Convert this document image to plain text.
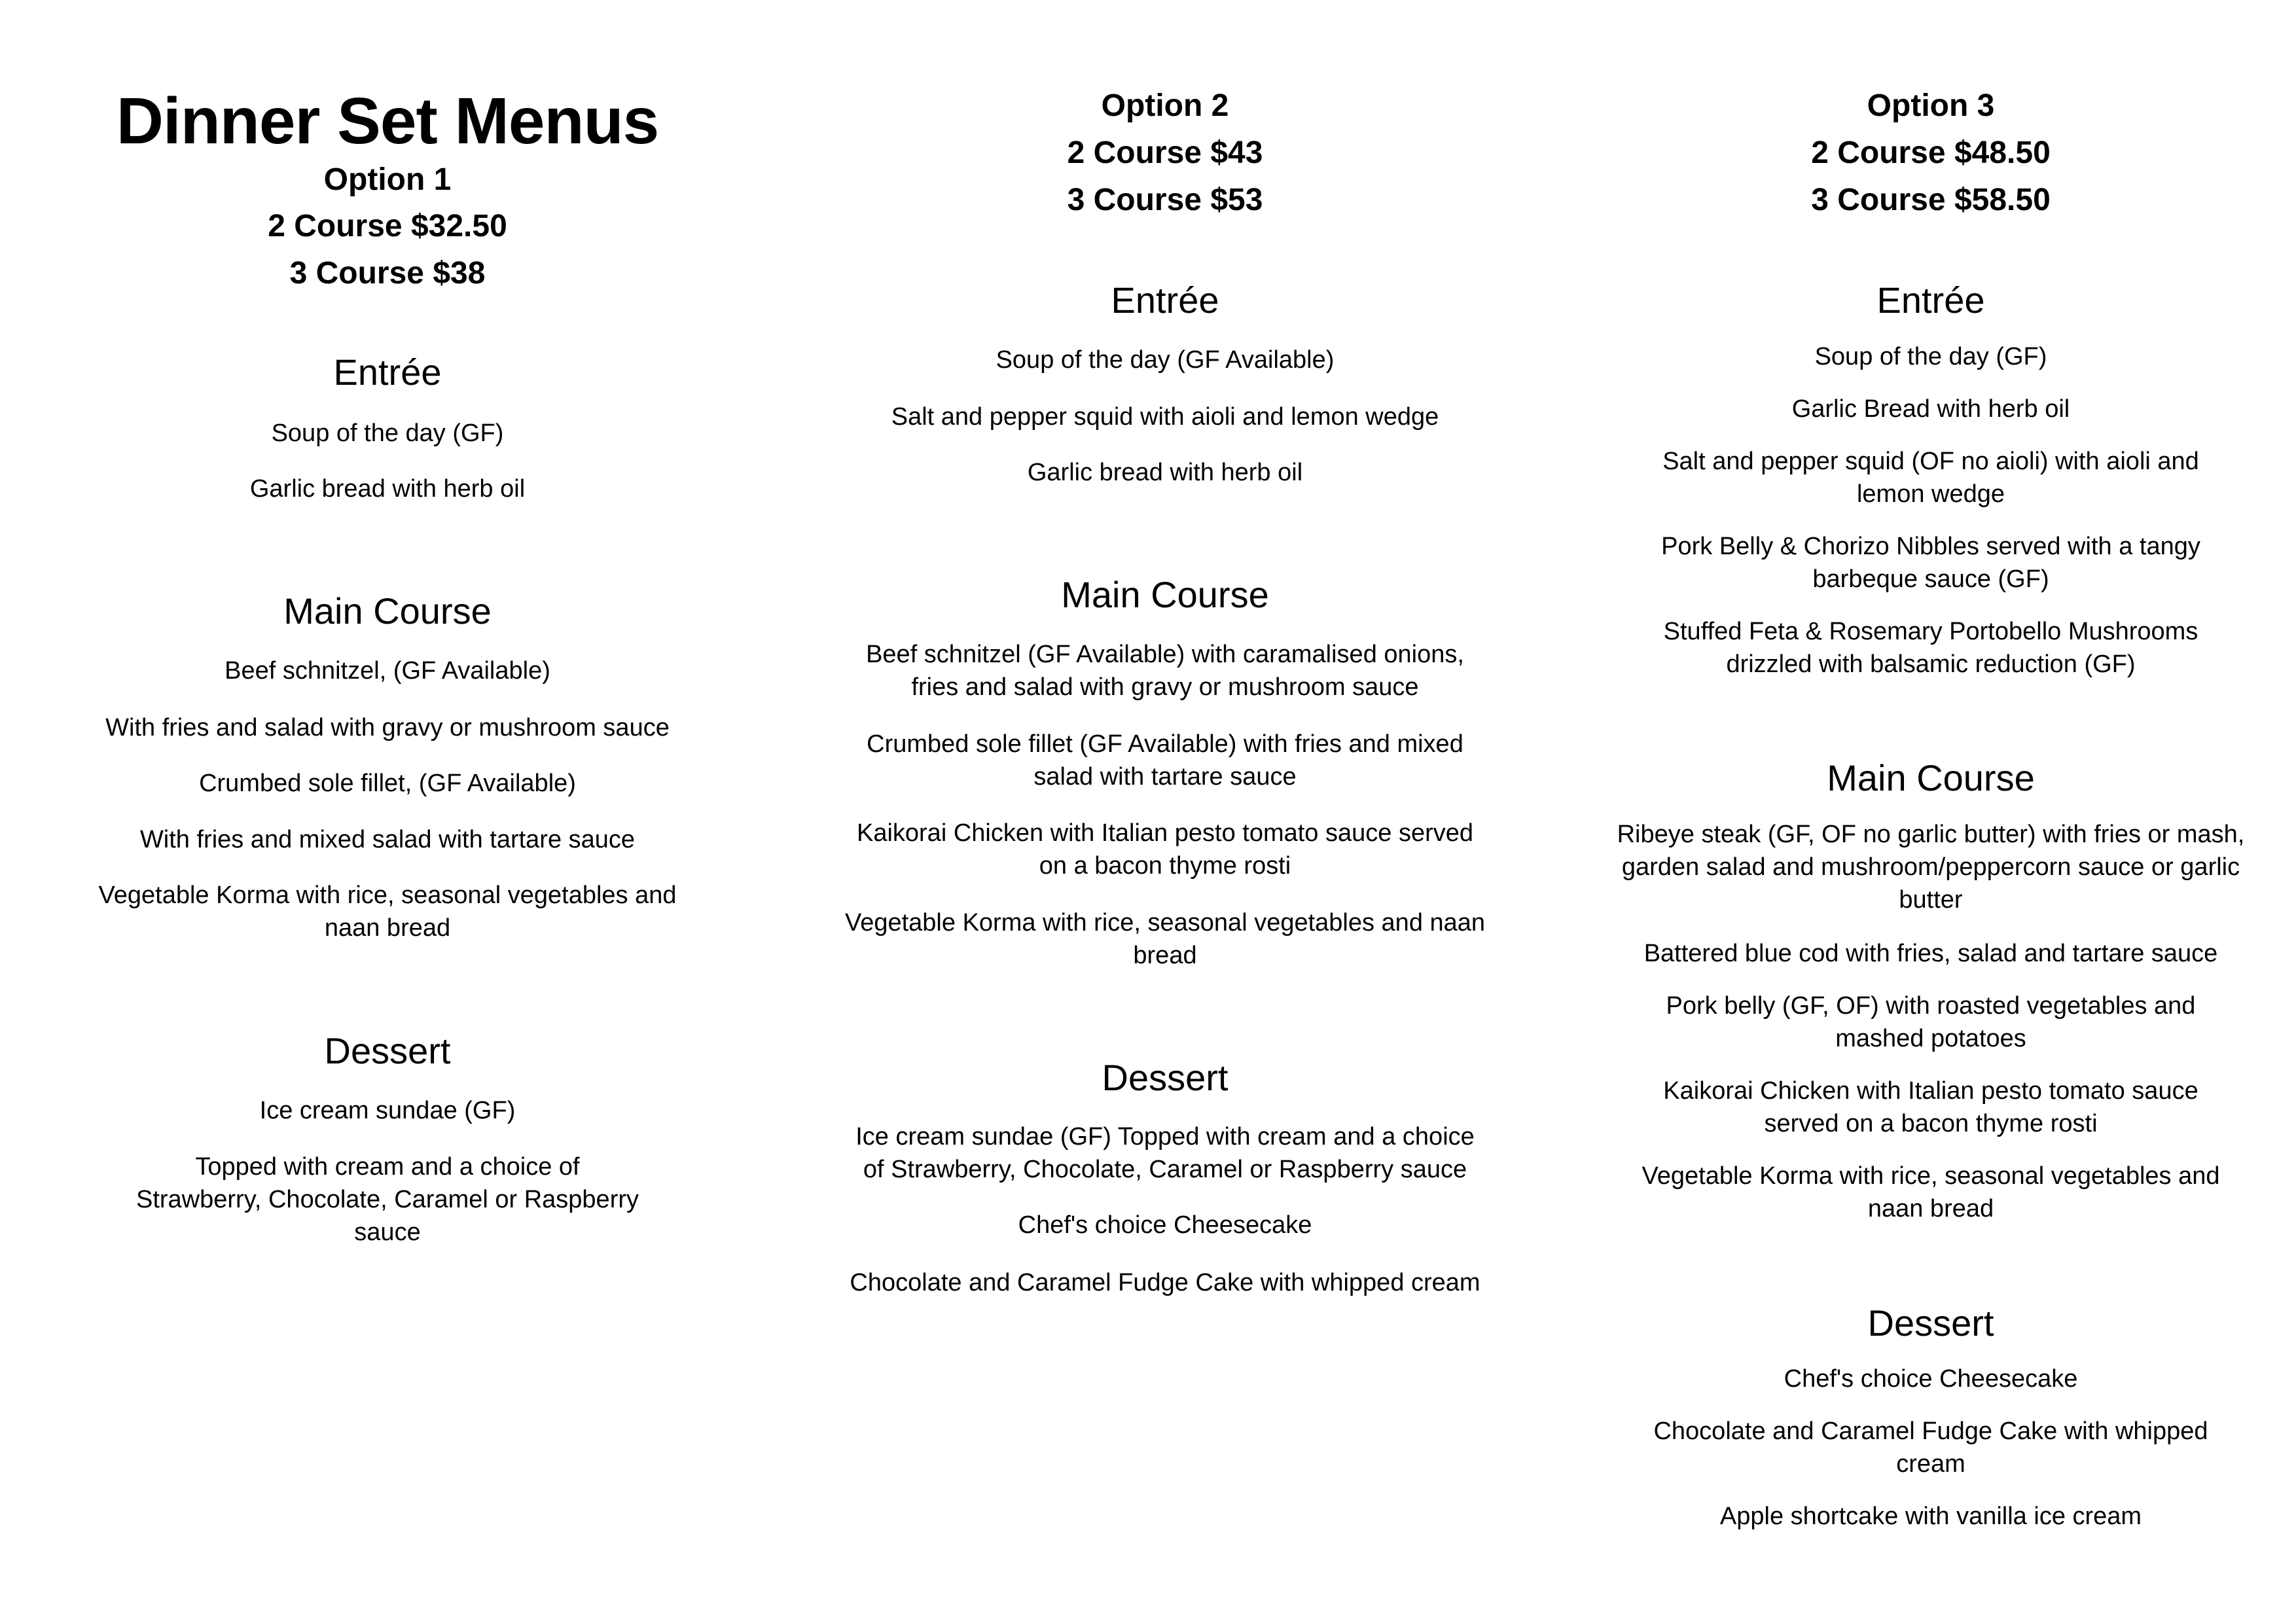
Dinner Set Menus
Option 1
2 Course $32.50
3 Course $38
Entrée
Soup of the day (GF)
Garlic bread with herb oil
Main Course
Beef schnitzel, (GF Available)
With fries and salad with gravy or mushroom sauce
Crumbed sole fillet, (GF Available)
With fries and mixed salad with tartare sauce
Vegetable Korma with rice, seasonal vegetables and naan bread
Dessert
Ice cream sundae (GF)
Topped with cream and a choice of Strawberry, Chocolate, Caramel or Raspberry sauce
Option 2
2 Course $43
3 Course $53
Entrée
Soup of the day (GF Available)
Salt and pepper squid with aioli and lemon wedge
Garlic bread with herb oil
Main Course
Beef schnitzel (GF Available) with caramalised onions, fries and salad with gravy or mushroom sauce
Crumbed sole fillet (GF Available) with fries and mixed salad with tartare sauce
Kaikorai Chicken with Italian pesto tomato sauce served on a bacon thyme rosti
Vegetable Korma with rice, seasonal vegetables and naan bread
Dessert
Ice cream sundae (GF) Topped with cream and a choice of Strawberry, Chocolate, Caramel or Raspberry sauce
Chef's choice Cheesecake
Chocolate and Caramel Fudge Cake with whipped cream
Option 3
2 Course $48.50
3 Course $58.50
Entrée
Soup of the day (GF)
Garlic Bread with herb oil
Salt and pepper squid (OF no aioli) with aioli and lemon wedge
Pork Belly & Chorizo Nibbles served with a tangy barbeque sauce (GF)
Stuffed Feta & Rosemary Portobello Mushrooms drizzled with balsamic reduction (GF)
Main Course
Ribeye steak (GF, OF no garlic butter) with fries or mash, garden salad and mushroom/peppercorn sauce or garlic butter
Battered blue cod with fries, salad and tartare sauce
Pork belly (GF, OF) with roasted vegetables and mashed potatoes
Kaikorai Chicken with Italian pesto tomato sauce served on a bacon thyme rosti
Vegetable Korma with rice, seasonal vegetables and naan bread
Dessert
Chef's choice Cheesecake
Chocolate and Caramel Fudge Cake with whipped cream
Apple shortcake with vanilla ice cream
